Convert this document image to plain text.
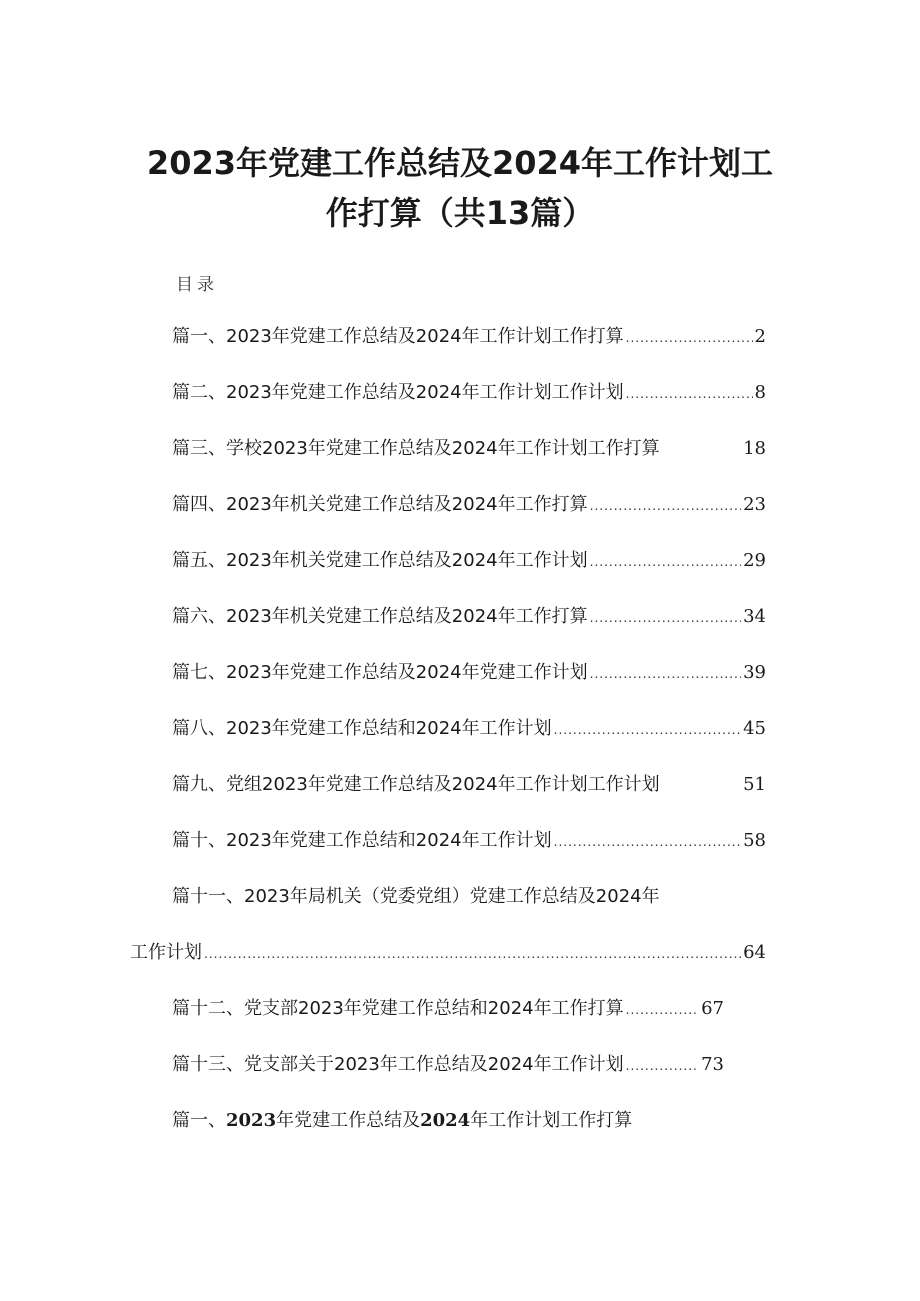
2023年党建工作总结及2024年工作计划工
作打算（共13篇）
目录
篇一、2023年党建工作总结及2024年工作计划工作打算 .....	2
篇二、2023年党建工作总结及2024年工作计划工作计划 .....	8
篇三、学校2023年党建工作总结及2024年工作计划工作打算	18
篇四、2023年机关党建工作总结及2024年工作打算 .....	23
篇五、2023年机关党建工作总结及2024年工作计划 .....	29
篇六、2023年机关党建工作总结及2024年工作打算 .....	34
篇七、2023年党建工作总结及2024年党建工作计划 .....	39
篇八、2023年党建工作总结和2024年工作计划 .....	45
篇九、党组2023年党建工作总结及2024年工作计划工作计划	51
篇十、2023年党建工作总结和2024年工作计划 .....	58
篇十一、2023年局机关（党委党组）党建工作总结及2024年
工作计划 .....	64
篇十二、党支部2023年党建工作总结和2024年工作打算 .....	67
篇十三、党支部关于2023年工作总结及2024年工作计划 .....	73
篇一、2023年党建工作总结及2024年工作计划工作打算
